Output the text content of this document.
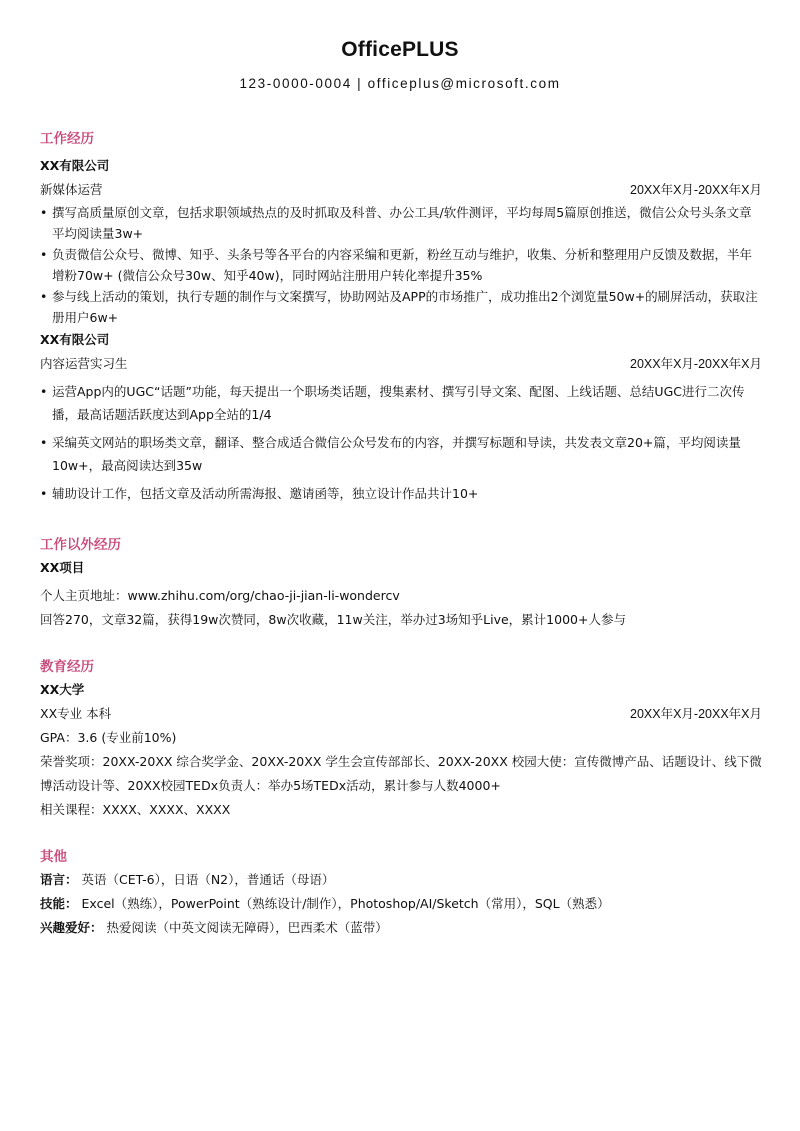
OfficePLUS
123-0000-0004 | officeplus@microsoft.com
工作经历
XX有限公司
新媒体运营	20XX年X月-20XX年X月
• 撰写高质量原创文章，包括求职领域热点的及时抓取及科普、办公工具/软件测评，平均每周5篇原创推送，微信公众号头条文章平均阅读量3w+
• 负责微信公众号、微博、知乎、头条号等各平台的内容采编和更新，粉丝互动与维护，收集、分析和整理用户反馈及数据，半年增粉70w+ (微信公众号30w、知乎40w)，同时网站注册用户转化率提升35%
• 参与线上活动的策划，执行专题的制作与文案撰写，协助网站及APP的市场推广，成功推出2个浏览量50w+的刷屏活动，获取注册用户6w+
XX有限公司
内容运营实习生	20XX年X月-20XX年X月
• 运营App内的UGC“话题”功能，每天提出一个职场类话题，搜集素材、撰写引导文案、配图、上线话题、总结UGC进行二次传播，最高话题活跃度达到App全站的1/4
• 采编英文网站的职场类文章，翻译、整合成适合微信公众号发布的内容，并撰写标题和导读，共发表文章20+篇，平均阅读量10w+，最高阅读达到35w
• 辅助设计工作，包括文章及活动所需海报、邀请函等，独立设计作品共计10+
工作以外经历
XX项目
个人主页地址：www.zhihu.com/org/chao-ji-jian-li-wondercv
回答270，文章32篇，获得19w次赞同，8w次收藏，11w关注，举办过3场知乎Live，累计1000+人参与
教育经历
XX大学
XX专业 本科	20XX年X月-20XX年X月
GPA：3.6 (专业前10%)
荣誉奖项：20XX-20XX 综合奖学金、20XX-20XX 学生会宣传部部长、20XX-20XX 校园大使：宣传微博产品、话题设计、线下微博活动设计等、20XX校园TEDx负责人：举办5场TEDx活动，累计参与人数4000+
相关课程：XXXX、XXXX、XXXX
其他
语言： 英语（CET-6），日语（N2），普通话（母语）
技能： Excel（熟练），PowerPoint（熟练设计/制作），Photoshop/AI/Sketch（常用），SQL（熟悉）
兴趣爱好： 热爱阅读（中英文阅读无障碍），巴西柔术（蓝带）
